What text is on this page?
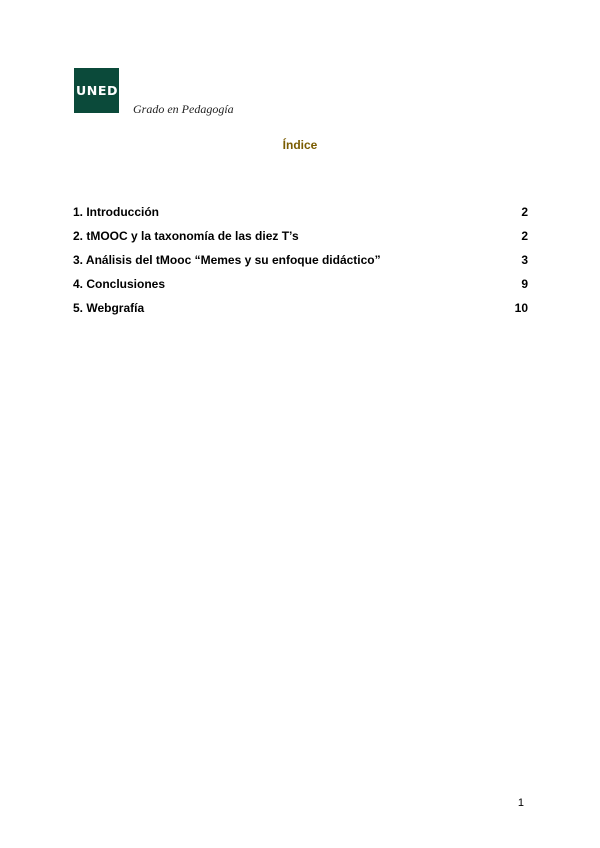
UNED
Grado en Pedagogía
Índice
1. Introducción	2
2. tMOOC y la taxonomía de las diez T’s	2
3. Análisis del tMooc “Memes y su enfoque didáctico”	3
4. Conclusiones	9
5. Webgrafía	10
1
